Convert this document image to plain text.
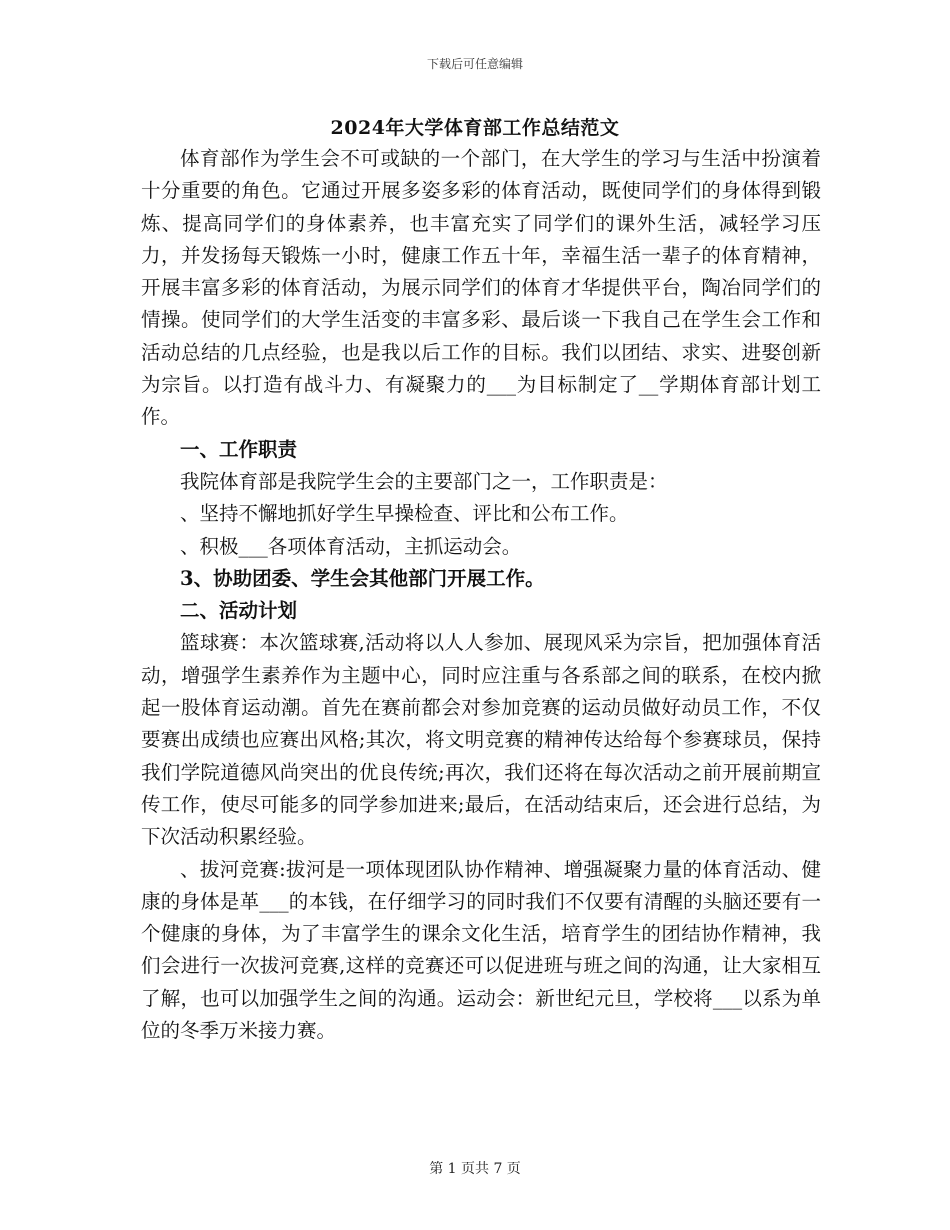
下载后可任意编辑
2024年大学体育部工作总结范文

体育部作为学生会不可或缺的一个部门，在大学生的学习与生活中扮演着十分重要的角色。它通过开展多姿多彩的体育活动，既使同学们的身体得到锻炼、提高同学们的身体素养，也丰富充实了同学们的课外生活，减轻学习压力，并发扬每天锻炼一小时，健康工作五十年，幸福生活一辈子的体育精神，开展丰富多彩的体育活动，为展示同学们的体育才华提供平台，陶冶同学们的情操。使同学们的大学生活变的丰富多彩、最后谈一下我自己在学生会工作和活动总结的几点经验，也是我以后工作的目标。我们以团结、求实、进娶创新为宗旨。以打造有战斗力、有凝聚力的___为目标制定了__学期体育部计划工作。

一、工作职责

我院体育部是我院学生会的主要部门之一，工作职责是：

、坚持不懈地抓好学生早操检查、评比和公布工作。

、积极___各项体育活动，主抓运动会。

3、协助团委、学生会其他部门开展工作。

二、活动计划

篮球赛：本次篮球赛,活动将以人人参加、展现风采为宗旨，把加强体育活动，增强学生素养作为主题中心，同时应注重与各系部之间的联系，在校内掀起一股体育运动潮。首先在赛前都会对参加竞赛的运动员做好动员工作，不仅要赛出成绩也应赛出风格;其次，将文明竞赛的精神传达给每个参赛球员，保持我们学院道德风尚突出的优良传统;再次，我们还将在每次活动之前开展前期宣传工作，使尽可能多的同学参加进来;最后，在活动结束后，还会进行总结，为下次活动积累经验。

、拔河竞赛:拔河是一项体现团队协作精神、增强凝聚力量的体育活动、健康的身体是革___的本钱，在仔细学习的同时我们不仅要有清醒的头脑还要有一个健康的身体，为了丰富学生的课余文化生活，培育学生的团结协作精神，我们会进行一次拔河竞赛,这样的竞赛还可以促进班与班之间的沟通，让大家相互了解，也可以加强学生之间的沟通。运动会：新世纪元旦，学校将___以系为单位的冬季万米接力赛。

第 1 页共 7 页
